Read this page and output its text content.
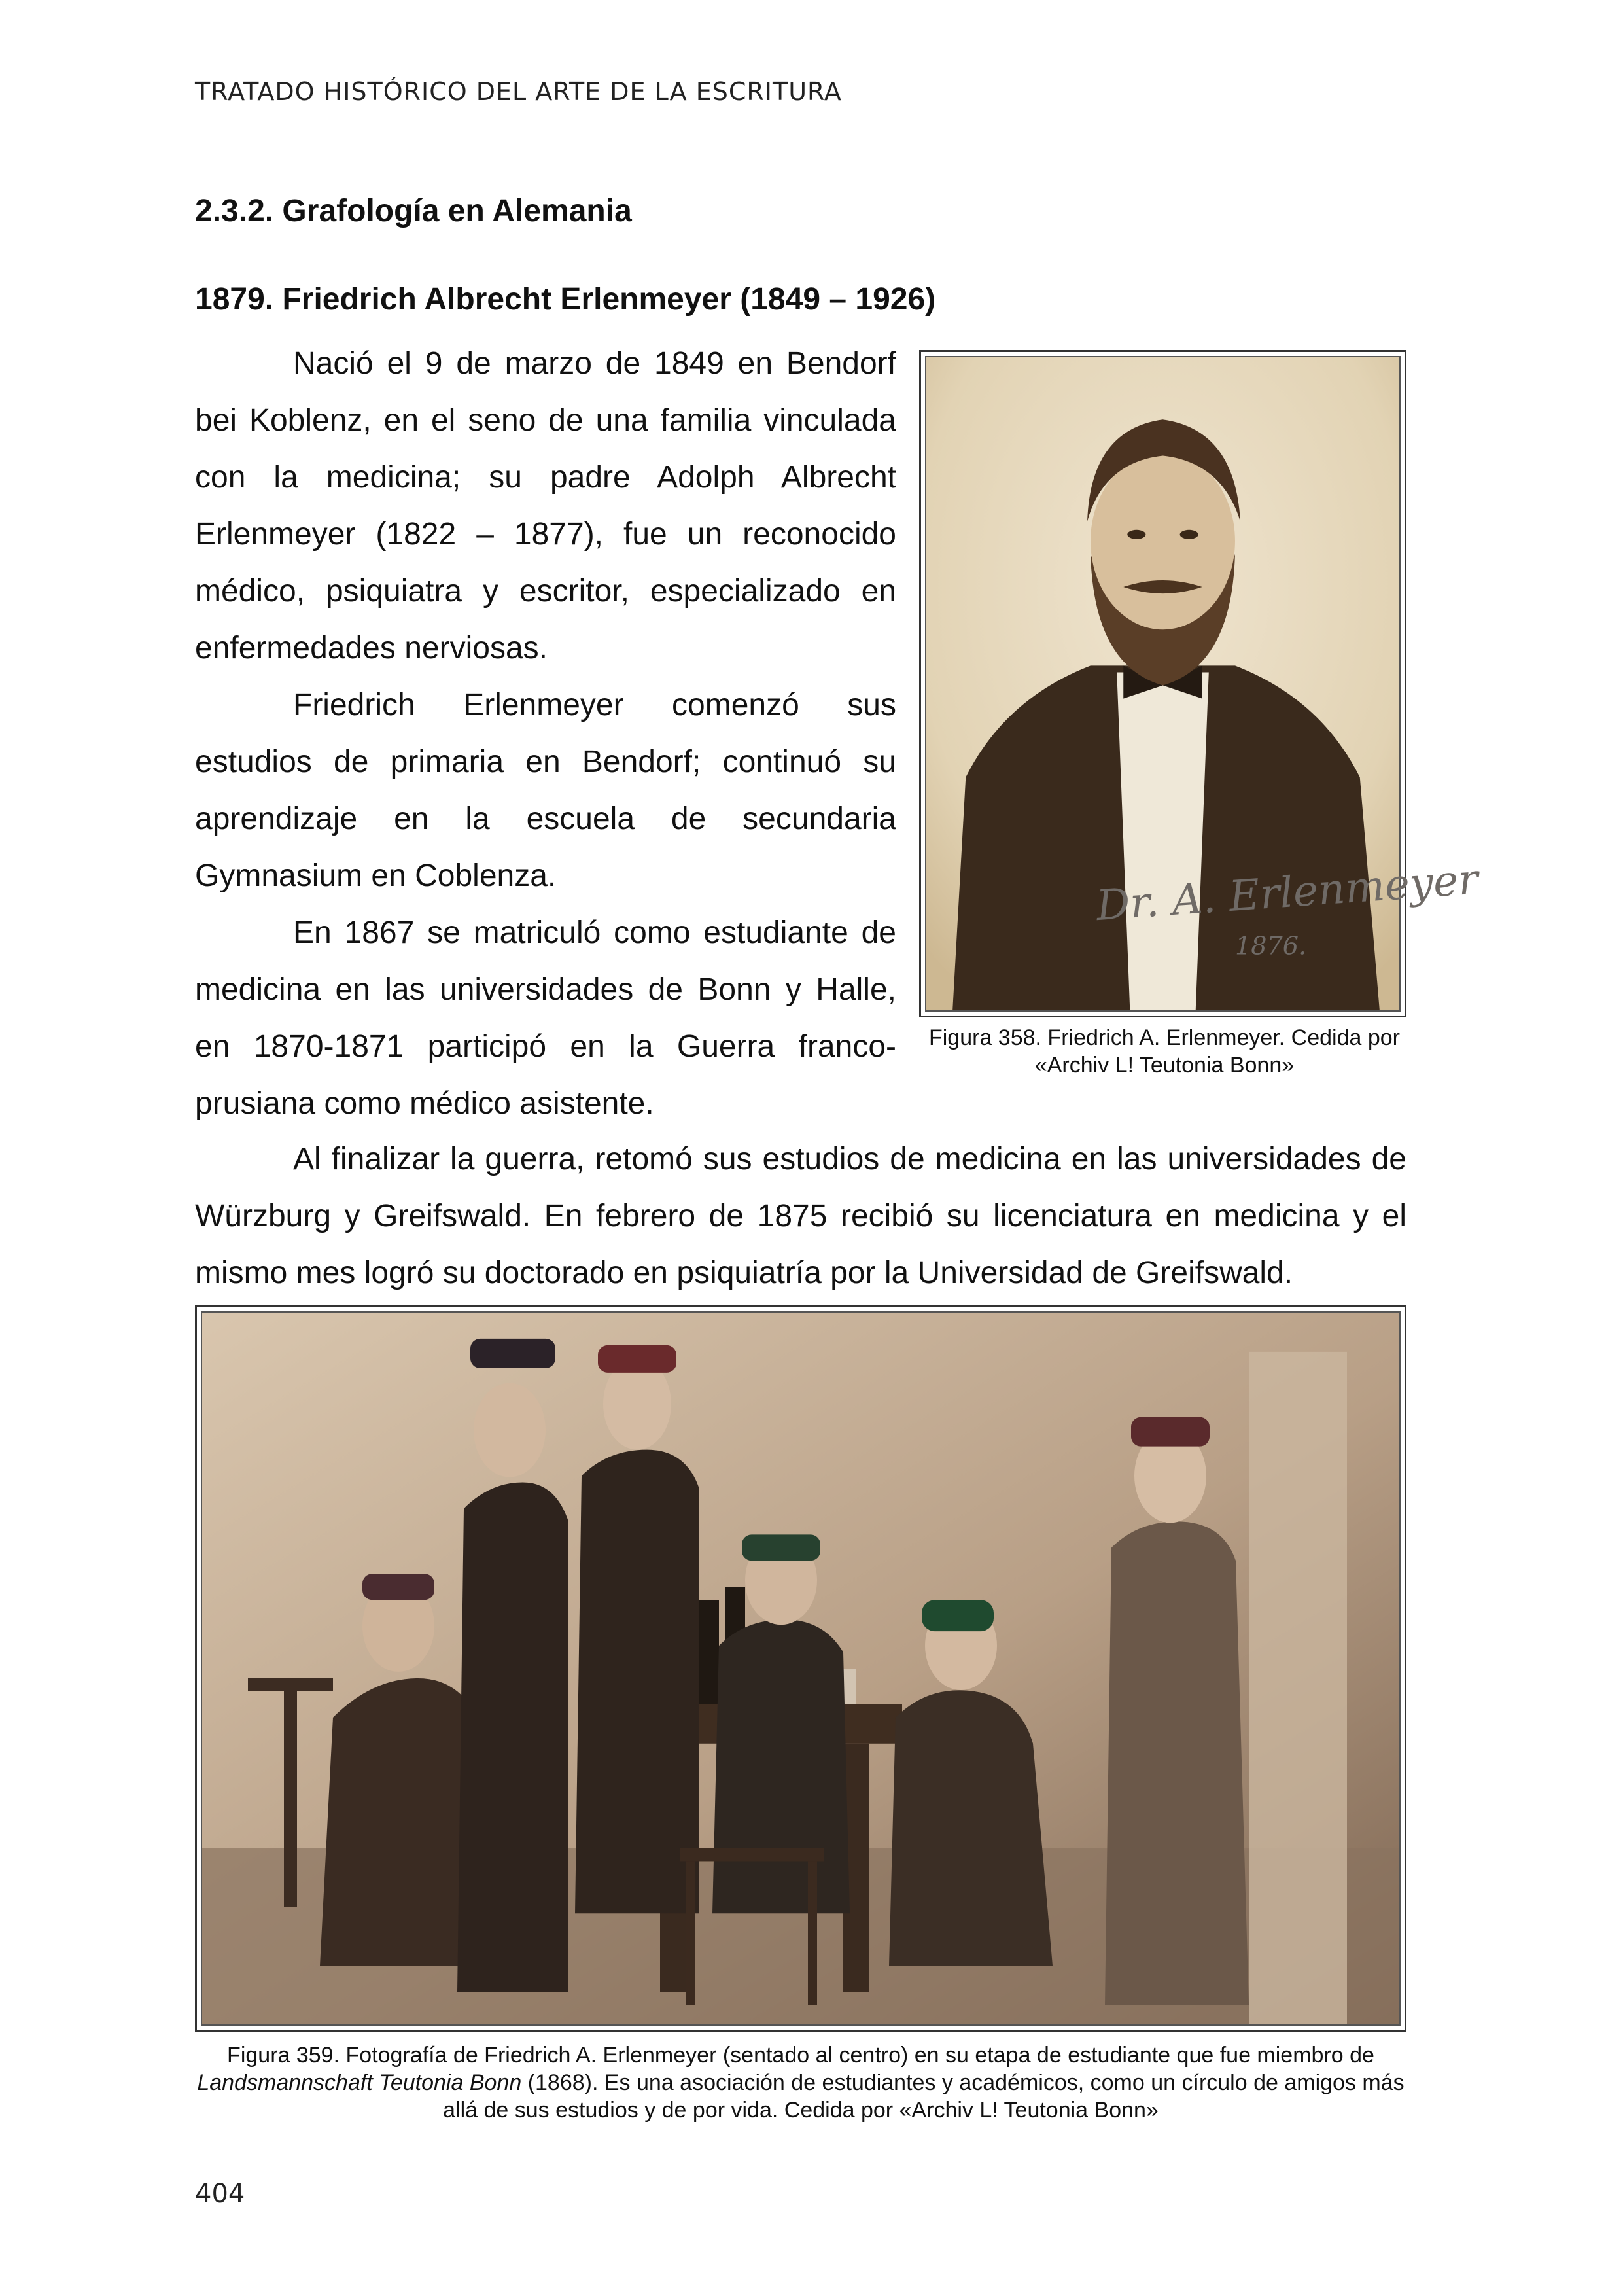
TRATADO HISTÓRICO DEL ARTE DE LA ESCRITURA
2.3.2. Grafología en Alemania
1879. Friedrich Albrecht Erlenmeyer (1849 – 1926)

Nació el 9 de marzo de 1849 en Bendorf bei Koblenz, en el seno de una familia vinculada con la medicina; su padre Adolph Albrecht Erlenmeyer (1822 – 1877), fue un reconocido médico, psiquiatra y escritor, especializado en enfermedades nerviosas.

Friedrich Erlenmeyer comenzó sus estudios de primaria en Bendorf; continuó su aprendizaje en la escuela de secundaria Gymnasium en Coblenza.

En 1867 se matriculó como estudiante de medicina en las universidades de Bonn y Halle, en 1870-1871 participó en la Guerra franco-prusiana como médico asistente.

Dr. A. Erlenmeyer
1876.
Figura 358. Friedrich A. Erlenmeyer. Cedida por «Archiv L! Teutonia Bonn»

Al finalizar la guerra, retomó sus estudios de medicina en las universidades de Würzburg y Greifswald. En febrero de 1875 recibió su licenciatura en medicina y el mismo mes logró su doctorado en psiquiatría por la Universidad de Greifswald.

Figura 359. Fotografía de Friedrich A. Erlenmeyer (sentado al centro) en su etapa de estudiante que fue miembro de Landsmannschaft Teutonia Bonn (1868). Es una asociación de estudiantes y académicos, como un círculo de amigos más allá de sus estudios y de por vida. Cedida por «Archiv L! Teutonia Bonn»
404
